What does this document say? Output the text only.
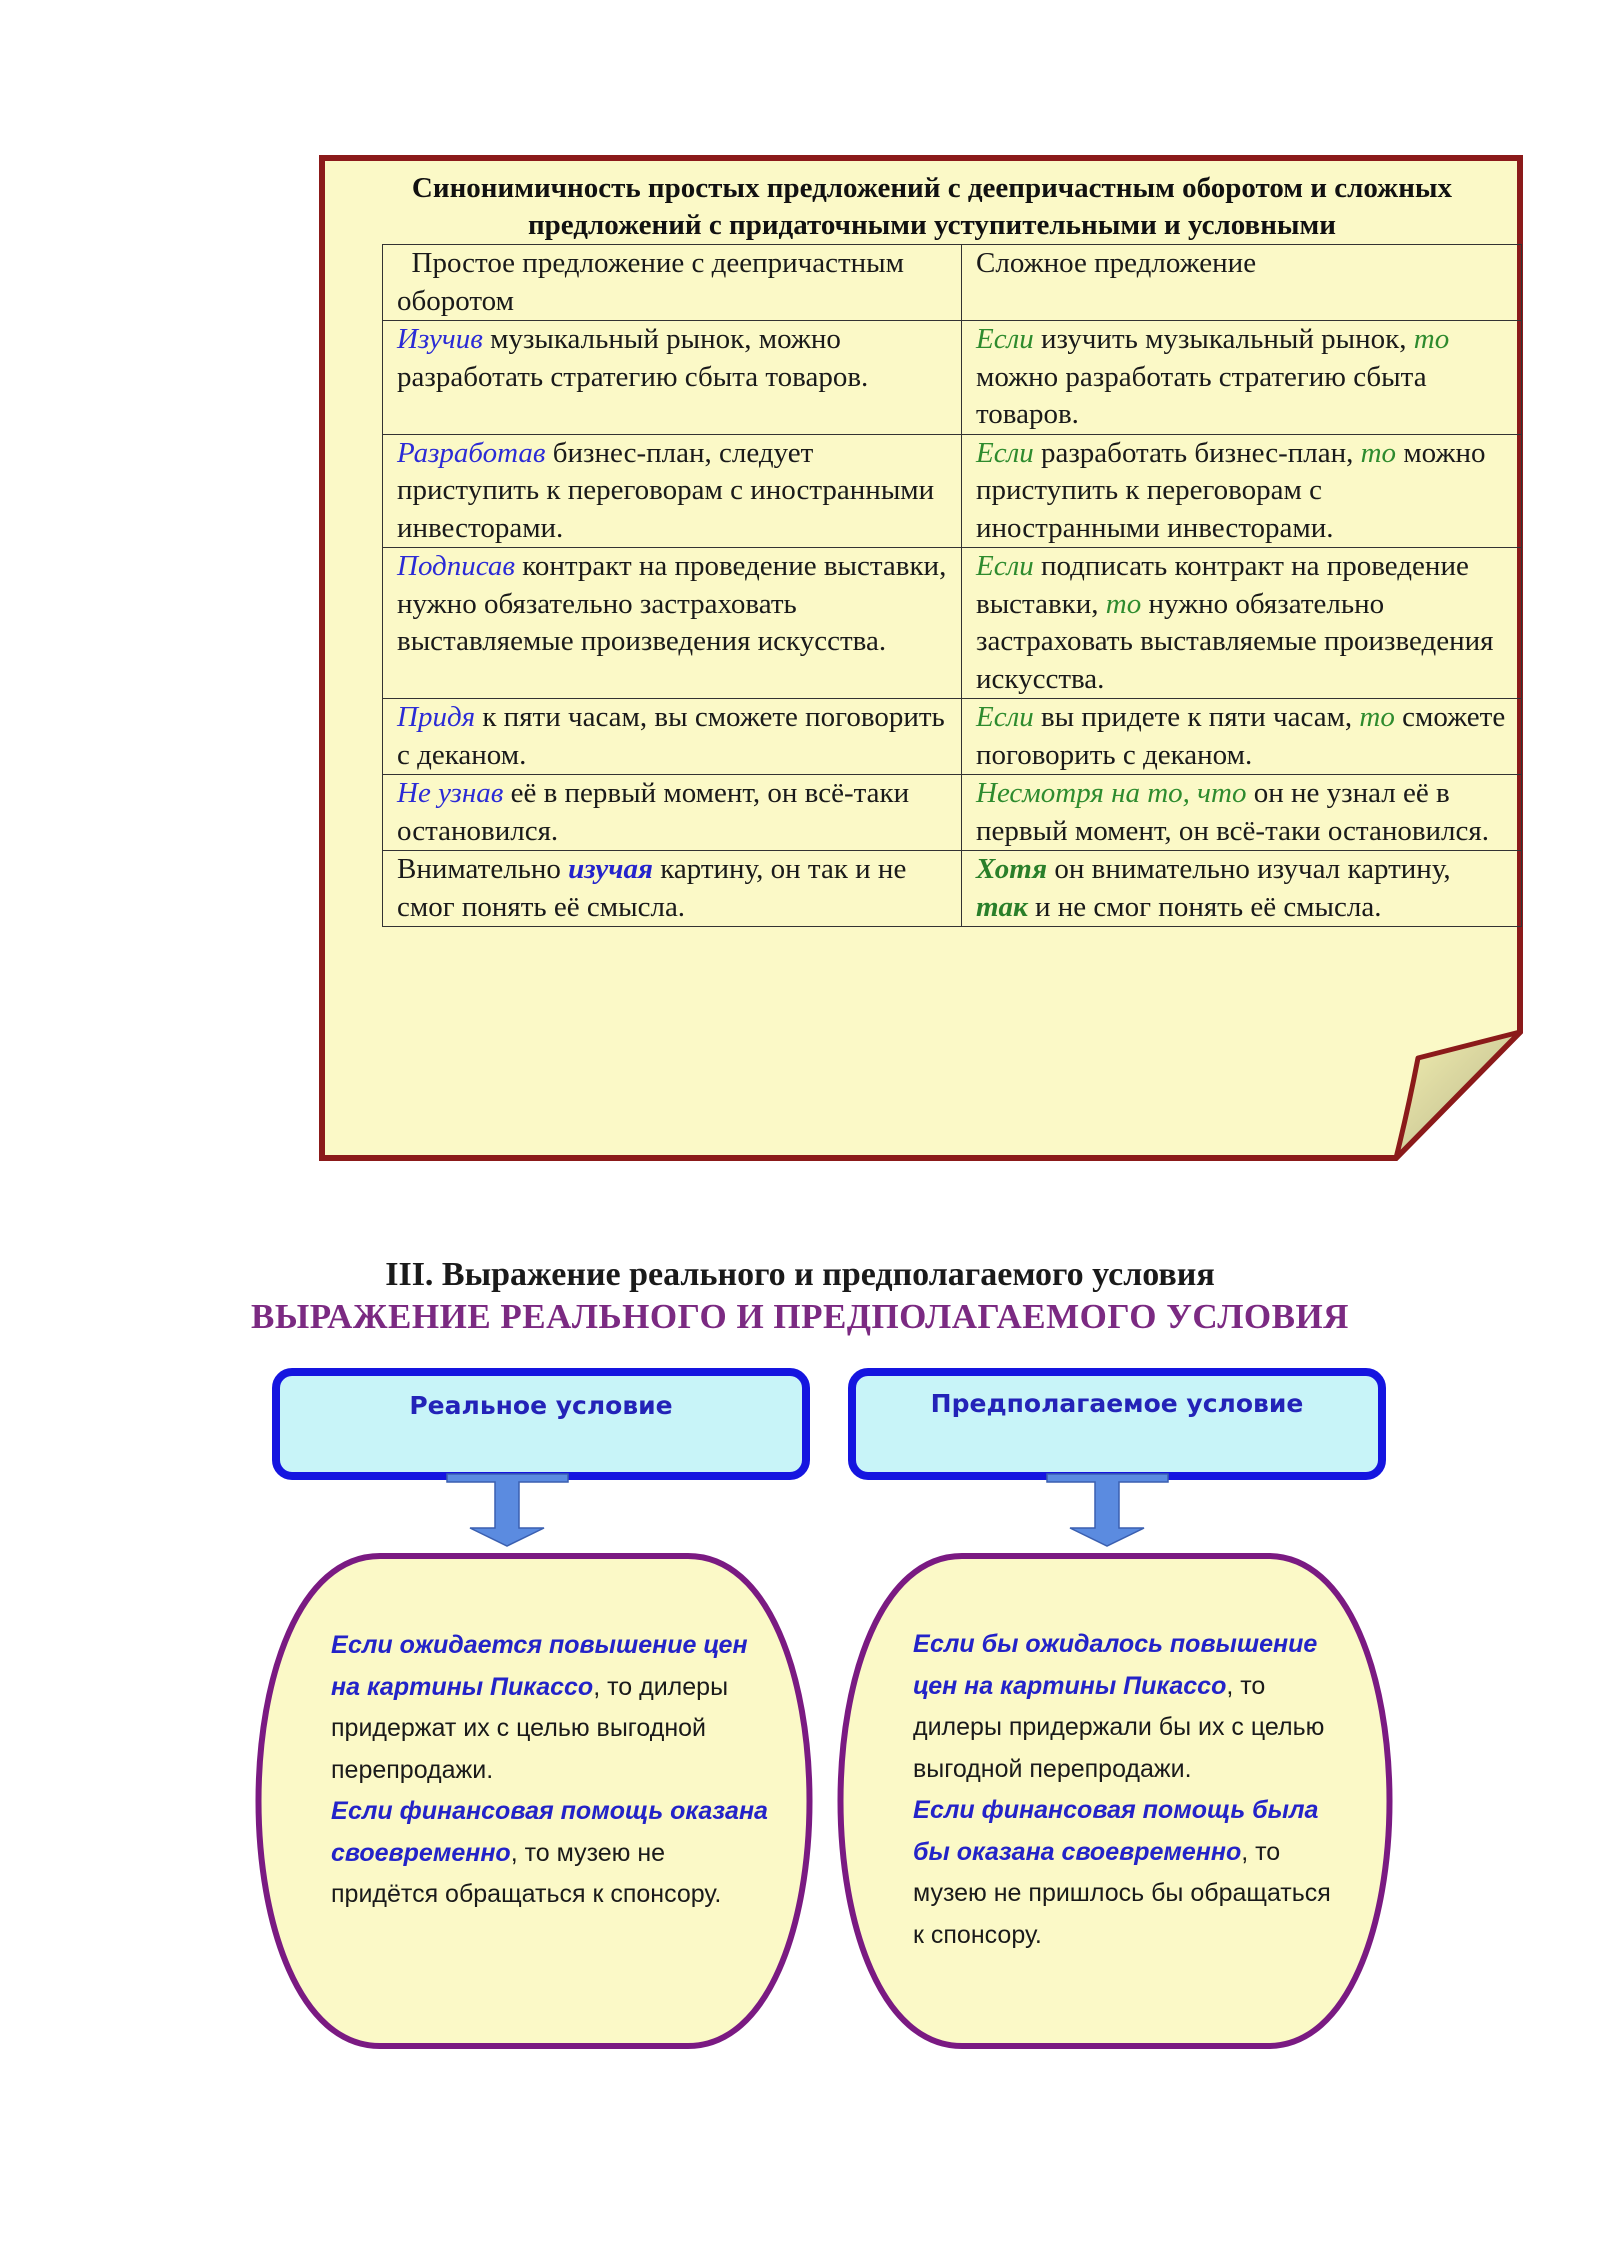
Синонимичность простых предложений с деепричастным оборотом и сложных предложений с придаточными уступительными и условными
Простое предложение с деепричастным оборотом	Сложное предложение
Изучив музыкальный рынок, можно разработать стратегию сбыта товаров.	Если изучить музыкальный рынок, то можно разработать стратегию сбыта товаров.
Разработав бизнес-план, следует приступить к переговорам с иностранными инвесторами.	Если разработать бизнес-план, то можно приступить к переговорам с иностранными инвесторами.
Подписав контракт на проведение выставки, нужно обязательно застраховать выставляемые произведения искусства.	Если подписать контракт на проведение выставки, то нужно обязательно застраховать выставляемые произведения искусства.
Придя к пяти часам, вы сможете поговорить с деканом.	Если вы придете к пяти часам, то сможете поговорить с деканом.
Не узнав её в первый момент, он всё-таки остановился.	Несмотря на то, что он не узнал её в первый момент, он всё-таки остановился.
Внимательно изучая картину, он так и не смог понять её смысла.	Хотя он внимательно изучал картину, так и не смог понять её смысла.
III. Выражение реального и предполагаемого условия
ВЫРАЖЕНИЕ РЕАЛЬНОГО И ПРЕДПОЛАГАЕМОГО УСЛОВИЯ
Реальное условие	Предполагаемое условие
Если ожидается повышение цен на картины Пикассо, то дилеры придержат их с целью выгодной перепродажи.
Если финансовая помощь оказана своевременно, то музею не придётся обращаться к спонсору.
Если бы ожидалось повышение цен на картины Пикассо, то дилеры придержали бы их с целью выгодной перепродажи.
Если финансовая помощь была бы оказана своевременно, то музею не пришлось бы обращаться к спонсору.
